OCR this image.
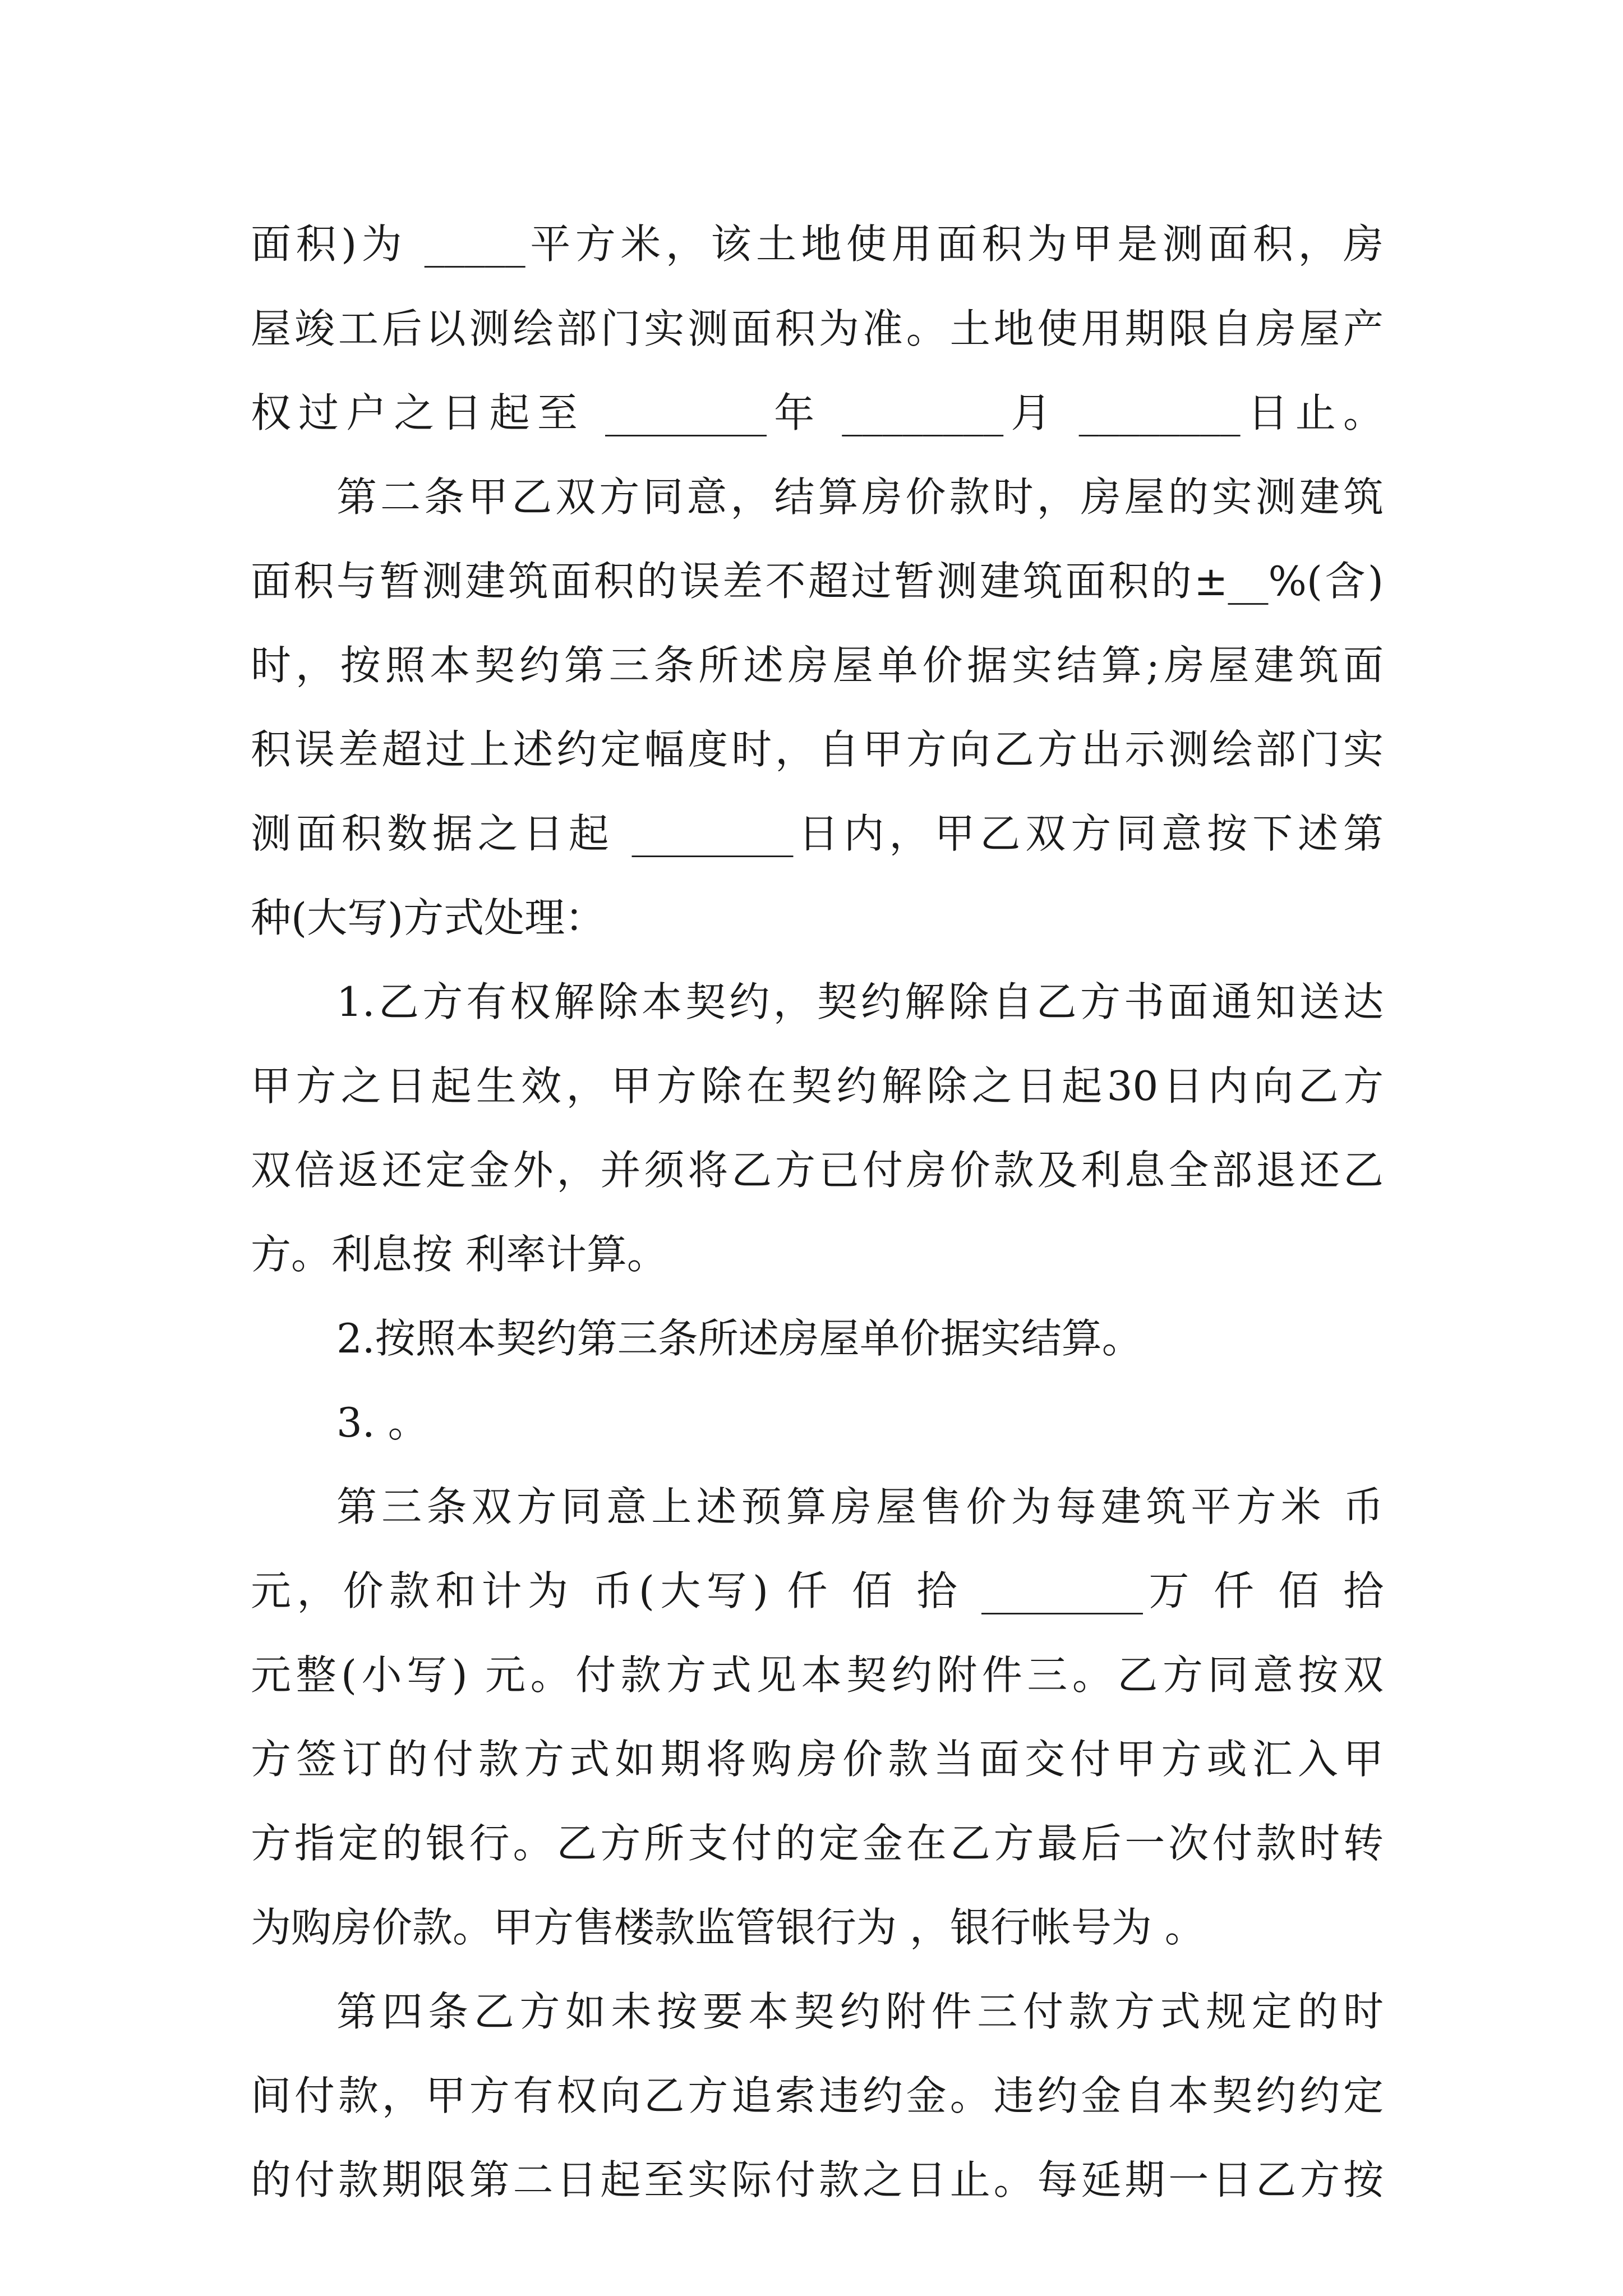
面积)为 _____平方米，该土地使用面积为甲是测面积，房
屋竣工后以测绘部门实测面积为准。土地使用期限自房屋产
权过户之日起至 ________年 ________月 ________日止。
第二条甲乙双方同意，结算房价款时，房屋的实测建筑
面积与暂测建筑面积的误差不超过暂测建筑面积的±__%(含)
时，按照本契约第三条所述房屋单价据实结算;房屋建筑面
积误差超过上述约定幅度时，自甲方向乙方出示测绘部门实
测面积数据之日起 ________日内，甲乙双方同意按下述第
种(大写)方式处理：
1.乙方有权解除本契约，契约解除自乙方书面通知送达
甲方之日起生效，甲方除在契约解除之日起30日内向乙方
双倍返还定金外，并须将乙方已付房价款及利息全部退还乙
方。利息按 利率计算。
2.按照本契约第三条所述房屋单价据实结算。
3. 。
第三条双方同意上述预算房屋售价为每建筑平方米 币
元，价款和计为 币(大写) 仟 佰 拾 ________万 仟 佰 拾
元整(小写) 元。付款方式见本契约附件三。乙方同意按双
方签订的付款方式如期将购房价款当面交付甲方或汇入甲
方指定的银行。乙方所支付的定金在乙方最后一次付款时转
为购房价款。甲方售楼款监管银行为 ，银行帐号为 。
第四条乙方如未按要本契约附件三付款方式规定的时
间付款，甲方有权向乙方追索违约金。违约金自本契约约定
的付款期限第二日起至实际付款之日止。每延期一日乙方按
